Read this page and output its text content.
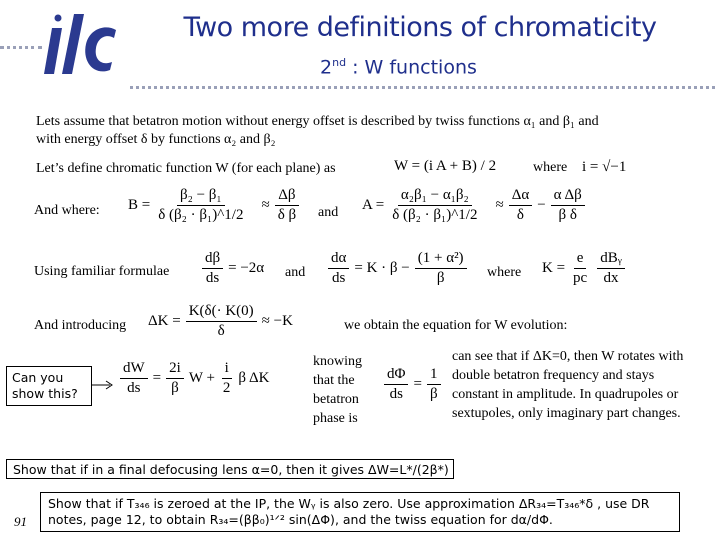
Two more definitions of chromaticity
2nd : W functions
Lets assume that betatron motion without energy offset is described by twiss functions α₁ and β₁ and
with energy offset δ by functions α₂ and β₂
Let’s define chromatic function W (for each plane) as	W = (i A + B) / 2	where i = √−1
And where: $B = \frac{\text{β₂ − β₁}}{\text{δ (β₂ · β₁)\textasciicircum{}1/2}} \approx \frac{\Delta\beta}{\text{δ β}}$ and $A = \frac{\text{α₂β₁ − α₁β₂}}{\text{δ (β₂ · β₁)\textasciicircum{}1/2}} \approx \frac{\Delta\alpha}{\delta} - \frac{\text{α Δβ}}{\text{β δ}}$
Using familiar formulae $\frac{d\beta}{ds} = -2\alpha$ and $\frac{d\alpha}{ds} = K \cdot \beta - \frac{\text{(1 + α²)}}{\beta}$ where $K = \frac{e}{pc} \frac{\text{dBᵧ}}{dx}$
And introducing $\Delta K = \frac{K(\delta(\cdot K(0)}{\delta} \approx -K$	we obtain the equation for W evolution:
Can you show this?	$\frac{dW}{ds} = \frac{2i}{\beta}$ $W + \frac{i}{2}$ β ΔK
knowing that the betatron phase is
$\frac{d\Phi}{ds} = \frac{1}{\beta}$
can see that if ΔK=0, then W rotates with double betatron frequency and stays constant in amplitude. In quadrupoles or sextupoles, only imaginary part changes.
Show that if in a final defocusing lens α=0, then it gives ΔW=L*/(2β*)
Show that if T₃₄₆ is zeroed at the IP, the Wᵧ is also zero. Use approximation ΔR₃₄=T₃₄₆*δ , use DR
notes, page 12, to obtain R₃₄=(ββ₀)¹ᐟ² sin(ΔΦ), and the twiss equation for dα/dΦ.
91
